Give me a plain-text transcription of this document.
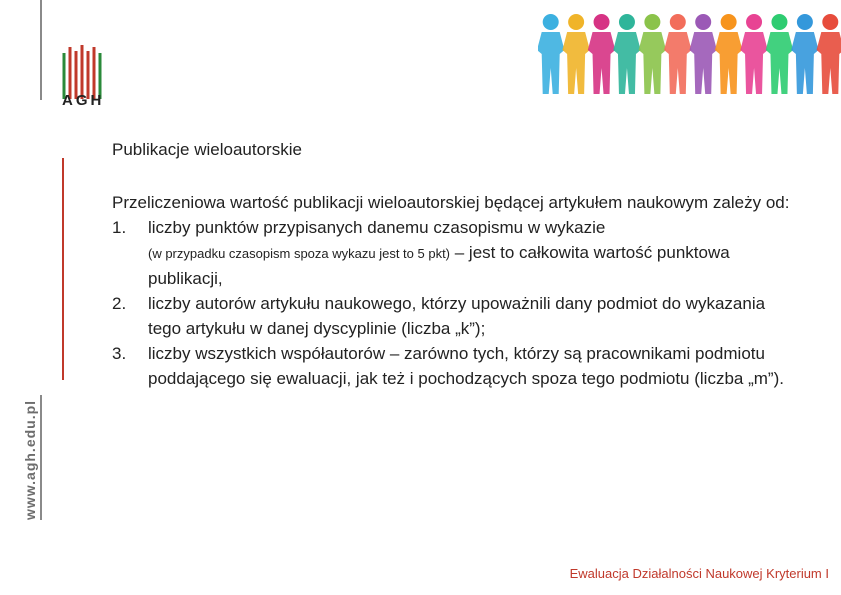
AGH
www.agh.edu.pl
Publikacje wieloautorskie

Przeliczeniowa wartość publikacji wieloautorskiej będącej artykułem naukowym zależy od:

1. liczby punktów przypisanych danemu czasopismu w wykazie
(w przypadku czasopism spoza wykazu jest to 5 pkt) – jest to całkowita wartość punktowa publikacji,
2. liczby autorów artykułu naukowego, którzy upoważnili dany podmiot do wykazania tego artykułu w danej dyscyplinie (liczba „k”);
3. liczby wszystkich współautorów – zarówno tych, którzy są pracownikami podmiotu poddającego się ewaluacji, jak też i pochodzących spoza tego podmiotu (liczba „m”).
Ewaluacja Działalności Naukowej Kryterium I
